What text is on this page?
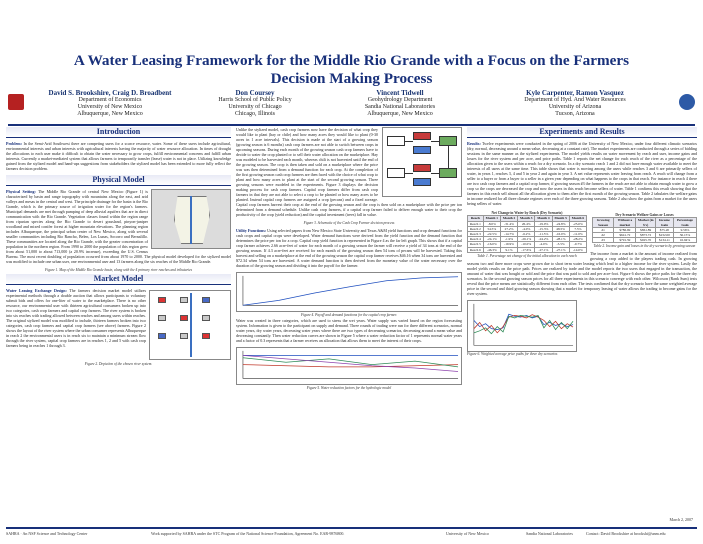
A Water Leasing Framework for the Middle Rio Grande with a Focus on the Farmers
Decision Making Process
David S. Brookshire, Craig D. Broadbent
Department of Economics
University of New Mexico
Albuquerque, New Mexico
Don Coursey
Harris School of Public Policy
University of Chicago
Chicago, Illinois
Vincent Tidwell
Geohydrology Department
Sandia National Laboratories
Albuquerque, New Mexico
Kyle Carpenter, Ramon Vasquez
Department of Hyd. And Water Resources
University of Arizona
Tucson, Arizona
Introduction
Problem: In the Semi-Arid Southwest there are competing users for a scarce resource, water. Some of these users include agricultural, environmental interests and urban interests with agricultural interests having the majority of water resource allocation. In times of drought the allocations to each user make it difficult to obtain the water necessary to grow crops, fulfill environmental concerns and fulfill urban interests. Currently a market-mediated system that allows farmers to temporarily transfer (lease) water is not in place. Utilizing knowledge gained from the stylized model and hand-ups suggestions from stakeholders the stylized model has been extended to more fully reflect the farmers decision problem.
Physical Model
Physical Setting: The Middle Rio Grande of central New Mexico (Figure 1) is characterized by basin and range topography with mountains along the east, and arid valleys and mesas in the central and west. The principle drainage for the basin is the Rio Grande, which is the primary source of irrigation water for the region's farmers. Municipal demands are met through pumping of deep alluvial aquifers that are in direct communication with the Rio Grande. Vegetation classes found within the region range from riparian species along the Rio Grande to desert grassland, pinyon-juniper woodland and mixed conifer forest at higher mountain elevations. The planning region includes Albuquerque, the principal urban center of New Mexico, along with several smaller communities including Rio Rancho, Belen, Los Lunas, Socorro and Bernalillo. These communities are located along the Rio Grande, with the greater concentration of population in the northern region. From 1990 to 2000 the population of this region grew from about 51,000 to about 713,000 (a 20.9% increase), exceeding the U.S. Census Bureau. The most recent doubling of population occurred from about 1970 to 2000. The physical model developed for the stylized model was modified to include one urban user, one environmental user and 13 farmers along the six reaches of the Middle Rio Grande.
Figure 1. Map of the Middle Rio Grande basin, along with the 4 primary river reaches and tributaries
Market Model
Water Leasing Exchange Design: The farmers decision market model utilizes experimental methods through a double auction that allows participants to voluntary submit bids and offers for one-liter of water to the marketplace. There is no other resource, our environmental user with thirteen agricultural consumers broken up into two categories, cash crop farmers and capital crop farmers. The river system is broken into six reaches with trading allowed between reaches and among users within reaches. The original stylized model was modified to include, thirteen farmers broken into two categories, cash crop farmers and capital crop farmers (see above) farmers. Figure 2 shows the layout of the river system where the urban consumer represents Albuquerque in reach 2 the environmental users is in reach six to maintain a minimum stream flow through the river system, capital crop farmers are in reaches 1, 2 and 5 with cash crop farmers being in reaches 1 through 3.
Figure 2. Depiction of the chosen river system.
Unlike the stylized model, cash crop farmers now have the decision of what crop they would like to plant (hay or chile) and how many acres they would like to plant (0-30 acres in 1 acre intervals). This decision is made at the start of a growing season (growing season is 6 months) cash crop farmers are not able to switch between crops in upcoming seasons. During each month of the growing season cash crop farmers have to decide to water the crop planted or to sell their water allocation on the marketplace. Hay was modeled to be harvested each month, whereas chili is not harvested until the end of the growing season. The crop is then taken and sold on a marketplace where the price was was then determined from a demand function for each crop. At the completion of the first growing season cash crop farmers are then faced with the choice of what crop to plant and how many acres to plant at the start of the second growing season. Three growing seasons were modeled in the experiments. Figure 3 displays the decision making process for cash crop farmers. Capital crop farmers differ from cash crop farmers in that they are not able to select a crop to be planted or how many acres to be planted. Instead capital crop farmers are assigned a crop (pecans) and a fixed acreage. Capital crop farmers harvest their crop at the end of the growing season and the crop is then sold on a marketplace with the price per ton determined from a demand schedule. Unlike cash crop farmers, if a capital crop farmer failed to deliver enough water to their crop the productivity of the crop (yield reduction) and the capital investment (trees) fall in value.
Figure 3. Schematic of the Cash Crop Farmer decision process
Utility Functions: Using selected papers from New Mexico State University and Texas A&M yield functions and crop demand functions for cash crops and capital crops were developed. Water demand functions were derived from the yield function and the demand function that determines the price per ton for a crop. Capital crop yield function is represented in Figure 4 as the far left graph. This shows that if a capital crop farmer achieves 2.66 acre-feet of water for each month of a growing season the farmer will receive a yield of 34 tons at the end of the growing season. If 4.3 acre-feet are received for each month of the growing season then 54 tons of pecans will be harvested. Taking this harvest and selling on a marketplace at the end of the growing season the capital crop farmer receives $46.16 when 34 tons are harvested and $72.34 when 54 tons are harvested. A water demand function is then derived from the monetary value of the water necessary over the duration of the growing season and dividing it into the payoff for the farmer.
Figure 4. Payoff and demand functions for the capital crop farmer.
Water was created in three categories, which are used to stress the wet years. Water supply was varied based on the region forecasting system. Information is given to the participant on supply and demand. Three rounds of trading were run for three different scenarios, normal water years, dry water years, decreasing water years where there are two types of decreasing scenarios, decreasing around a mean value and decreasing constantly. Then water reduction curves are shown in Figure 5 where a water reduction factor of 1 represents normal water years and a factor of 0.3 represents that a farmer receives an allocation that allows them to meet the interest of their crops.
Figure 5. Water reduction factors for the hydrologic model
Experiments and Results
Results: Twelve experiments were conducted in the spring of 2006 at the University of New Mexico, under four different climatic scenarios (dry, normal, decreasing around a mean value, decreasing at a constant rate). The market experiments are conducted through a series of bidding sessions in the same manner as the stylized experiments. The model yields results on water movement by reach and user, income gains and losses for the river system and per acre, and price paths. Table 1 reports the net change for each reach of the river as a percentage of the allocation given to the users within a reach for a dry scenario. In a dry scenario reach 1 and 2 did not have enough water available to meet the interests of all users at the same time. This table shows that water is moving among the users while reaches 3 and 6 are primarily sellers of water, in years 1, reaches 3, 4 and 5 in year 2 and again in year 3. A net value represents water leaving from reach. A reach will change from a seller to a buyer or from a buyer to a seller in a given year depending on what happens to the crops in that reach. For instance in reach 4 there are two cash crop farmers and a capital crop farmer, if growing season #3 the farmers in the reach are not able to obtain enough water to grow a crop so the crops are decreased the crop and now the users in this reach become sellers of water. Table 1 confirms this result showing that the farmers in this reach sell almost all the allocation given to them after the first month of the growing season. Table 2 tabulates the welfare gains in income realized for all three climate regimes over each of the three growing seasons. Table 2 also show the gains from a market for the users being sellers of water.
Net Change in Water by Reach (Dry Scenario)
Reach	Month 1	Month 2	Month 3	Month 4	Month 5	Month 6
Reach 1	-8.0%	-31.4%	26.4%	-19.0%	-24.8%	-25.0%
Reach 2	54.5%	27.2%	-4.0%	-15.3%	48.5%	7.5%
Reach 3	-22.5%	-14.7%	-6.2%	-11.5%	-16.0%	-11.0%
Reach 4	-24.1%	-1.9%	-26.1%	-24.2%	-28.1%	-28.2%
Reach 5	-16.0%	-19.9%	-10.0%	-4.0%	-3.5%	-0.7%
Reach 6	-46.3%	9.1%	-17.6%	-27.1%	-27.1%	-14.0%
Table 1. Percentage net change of the initial allocation to each reach
Dry Scenario Welfare Gains or Losses
Growing Season	Without a market	Market (in $'s)	Income Gain	Percentage Gain
#1	$786.69	$861.89	$75.20	9.56%
#2	$641.72	$873.72	$232.00	36.15%
#3	$791.59	$925.70	$134.11	16.94%
Table 2. Income gain and losses in the dry scenario by growing season
The income from a market is the amount of income realized from growing a crop added to the players trading cash. In growing seasons two and three more crops were grown due to short term water leasing which lead to a higher income for the river system. Lastly the model yields results on the price path. Prices are realized by trade and the model reports the two users that engaged in the transaction, the amount of water that was bought or sold and the price that was paid to sold and per acre-foot. Figure 6 shows the price paths for the three dry scenarios. In the second growing season prices for all three experiments in this scenario converge with each other. Wilcoxon (Rank Sum) tests reveal that the price means are statistically different from each other. The tests confirmed that the dry scenario have the same weighted average price in the second and third growing season showing that a market for temporary leasing of water allows the trading to become gains for the river system.
Figure 6. Weighted average price paths for three dry scenarios
March 2, 2007
SAHRA · An NSF Science and Technology Center	Work supported by SAHRA under the STC Program of the National Science Foundation, Agreement No. EAR-9876800.	University of New Mexico	Sandia National Laboratories	Contact: David Brookshire at brookshi@unm.edu
